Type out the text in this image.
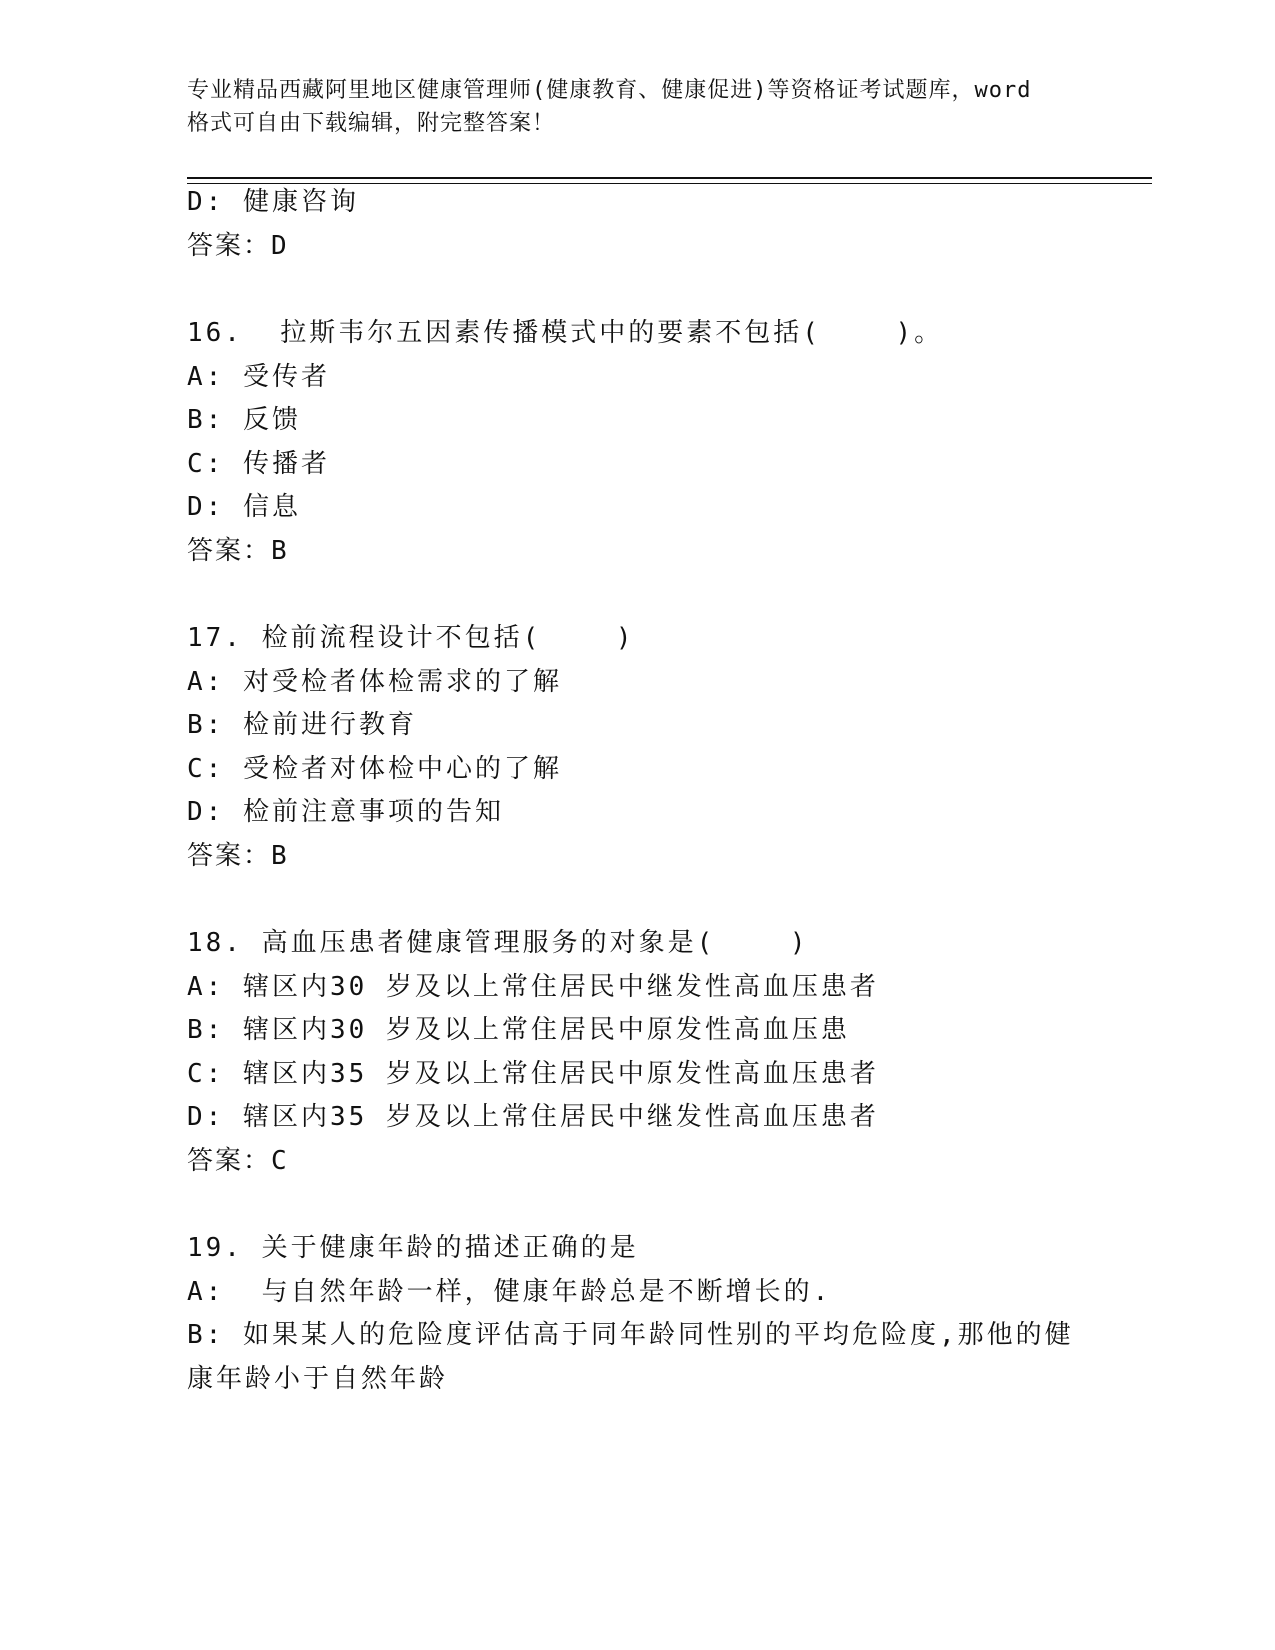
专业精品西藏阿里地区健康管理师(健康教育、健康促进)等资格证考试题库，word
格式可自由下载编辑，附完整答案！
D: 健康咨询
答案：D
16.  拉斯韦尔五因素传播模式中的要素不包括(    )。
A: 受传者
B: 反馈
C: 传播者
D: 信息
答案：B
17. 检前流程设计不包括(    )
A: 对受检者体检需求的了解
B: 检前进行教育
C: 受检者对体检中心的了解
D: 检前注意事项的告知
答案：B
18. 高血压患者健康管理服务的对象是(    )
A: 辖区内30 岁及以上常住居民中继发性高血压患者
B: 辖区内30 岁及以上常住居民中原发性高血压患
C: 辖区内35 岁及以上常住居民中原发性高血压患者
D: 辖区内35 岁及以上常住居民中继发性高血压患者
答案：C
19. 关于健康年龄的描述正确的是
A:  与自然年龄一样，健康年龄总是不断增长的.
B: 如果某人的危险度评估高于同年龄同性别的平均危险度,那他的健
康年龄小于自然年龄
